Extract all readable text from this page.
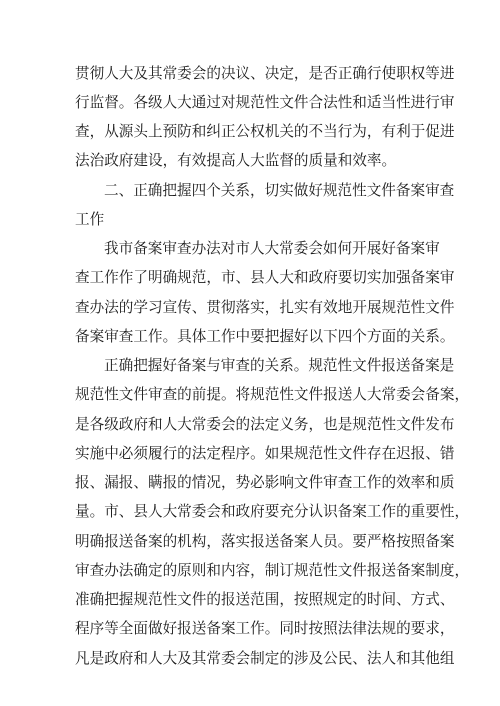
贯彻人大及其常委会的决议、决定，是否正确行使职权等进
行监督。各级人大通过对规范性文件合法性和适当性进行审
查，从源头上预防和纠正公权机关的不当行为，有利于促进
法治政府建设，有效提高人大监督的质量和效率。
二、正确把握四个关系，切实做好规范性文件备案审查
工作
我市备案审查办法对市人大常委会如何开展好备案审
查工作作了明确规范，市、县人大和政府要切实加强备案审
查办法的学习宣传、贯彻落实，扎实有效地开展规范性文件
备案审查工作。具体工作中要把握好以下四个方面的关系。
正确把握好备案与审查的关系。规范性文件报送备案是
规范性文件审查的前提。将规范性文件报送人大常委会备案，
是各级政府和人大常委会的法定义务，也是规范性文件发布
实施中必须履行的法定程序。如果规范性文件存在迟报、错
报、漏报、瞒报的情况，势必影响文件审查工作的效率和质
量。市、县人大常委会和政府要充分认识备案工作的重要性，
明确报送备案的机构，落实报送备案人员。要严格按照备案
审查办法确定的原则和内容，制订规范性文件报送备案制度，
准确把握规范性文件的报送范围，按照规定的时间、方式、
程序等全面做好报送备案工作。同时按照法律法规的要求，
凡是政府和人大及其常委会制定的涉及公民、法人和其他组
